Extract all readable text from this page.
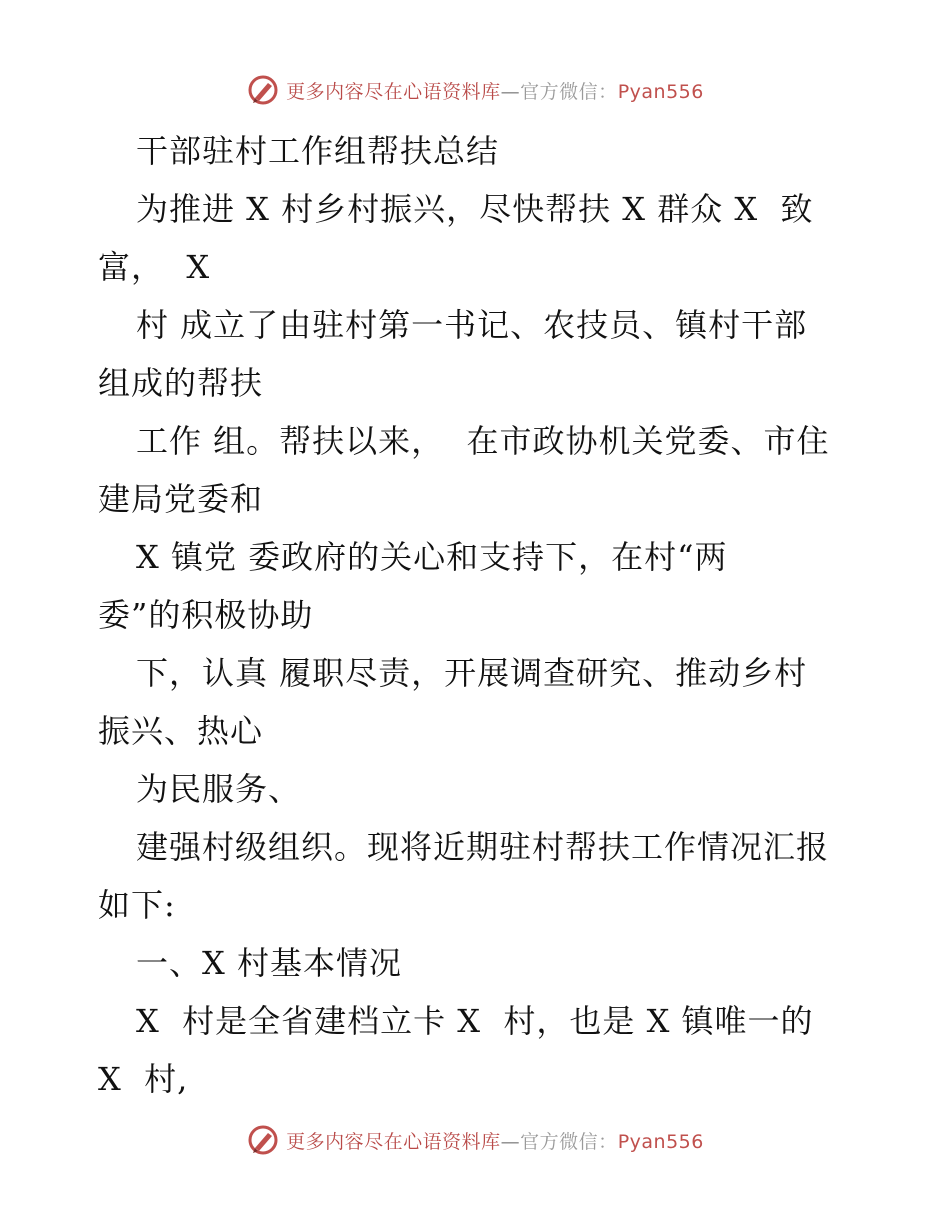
更多内容尽在心语资料库—官方微信：Pyan556
干部驻村工作组帮扶总结
为推进 X 村乡村振兴，尽快帮扶 X 群众 X  致
富，  X
村 成立了由驻村第一书记、农技员、镇村干部
组成的帮扶
工作 组。帮扶以来，  在市政协机关党委、市住
建局党委和
X 镇党 委政府的关心和支持下，在村“两
委”的积极协助
下，认真 履职尽责，开展调查研究、推动乡村
振兴、热心
为民服务、
建强村级组织。现将近期驻村帮扶工作情况汇报
如下:
一、X 村基本情况
X  村是全省建档立卡 X  村，也是 X 镇唯一的
X  村,
更多内容尽在心语资料库—官方微信：Pyan556
